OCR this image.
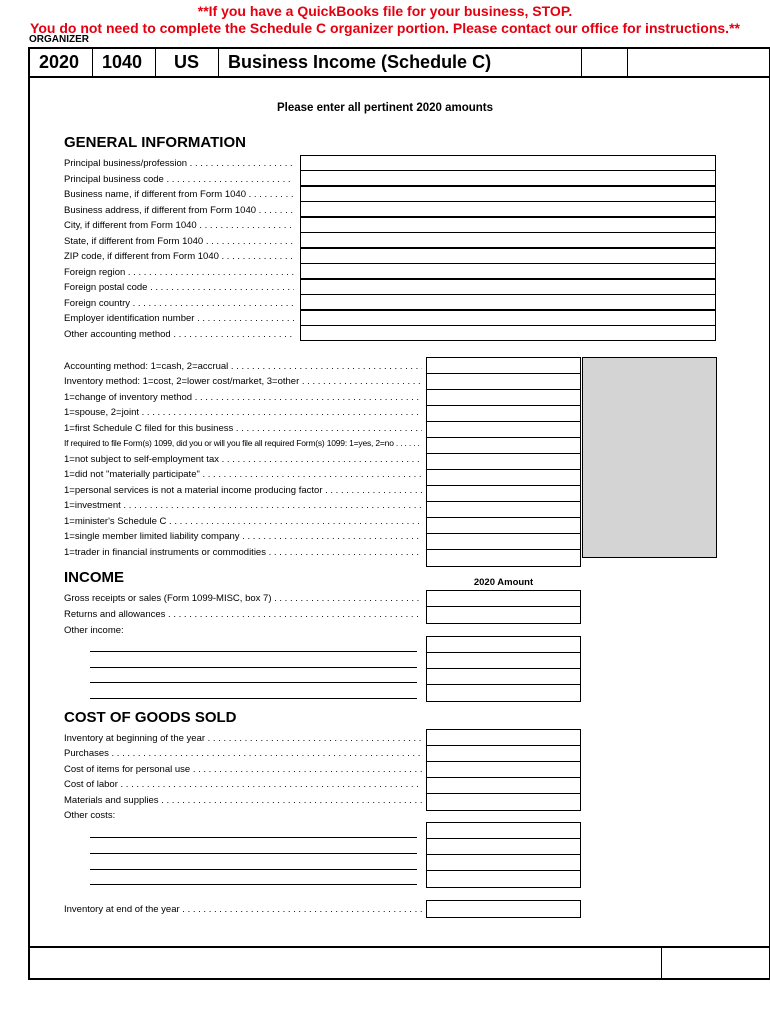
**If you have a QuickBooks file for your business, STOP.
You do not need to complete the Schedule C organizer portion. Please contact our office for instructions.**
ORGANIZER
2020	1040	US	Business Income (Schedule C)
Please enter all pertinent 2020 amounts
GENERAL INFORMATION
Principal business/profession . . .
Principal business code . . .
Business name, if different from Form 1040 . . .
Business address, if different from Form 1040 . . .
City, if different from Form 1040 . . .
State, if different from Form 1040 . . .
ZIP code, if different from Form 1040 . . .
Foreign region . . .
Foreign postal code . . .
Foreign country . . .
Employer identification number . . .
Other accounting method . . .
Accounting method: 1=cash, 2=accrual . . .
Inventory method: 1=cost, 2=lower cost/market, 3=other . . .
1=change of inventory method . . .
1=spouse, 2=joint . . .
1=first Schedule C filed for this business . . .
If required to file Form(s) 1099, did you or will you file all required Form(s) 1099: 1=yes, 2=no . . .
1=not subject to self-employment tax . . .
1=did not "materially participate" . . .
1=personal services is not a material income producing factor . . .
1=investment . . .
1=minister's Schedule C . . .
1=single member limited liability company . . .
1=trader in financial instruments or commodities . . .
INCOME	2020 Amount
Gross receipts or sales (Form 1099-MISC, box 7) . . .
Returns and allowances . . .
Other income:
COST OF GOODS SOLD
Inventory at beginning of the year . . .
Purchases . . .
Cost of items for personal use . . .
Cost of labor . . .
Materials and supplies . . .
Other costs:
Inventory at end of the year . . .
